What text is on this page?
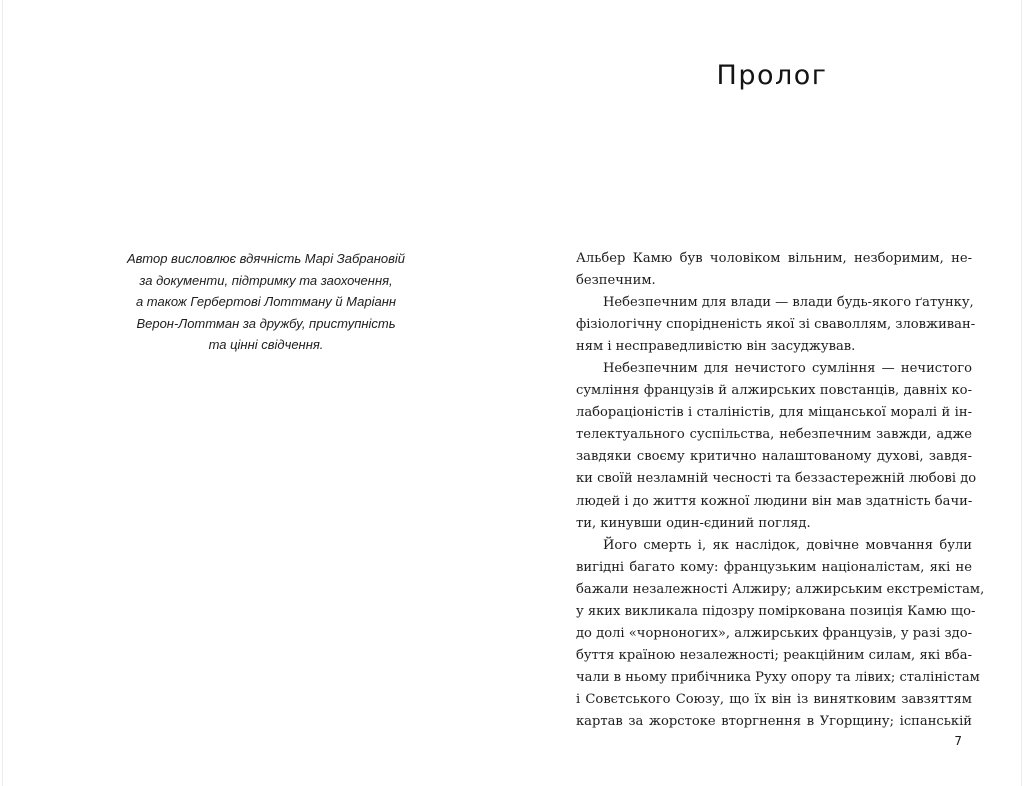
Автор висловлює вдячність Марі Забрановій
за документи, підтримку та заохочення,
а також Гербертові Лоттману й Маріанн
Верон-Лоттман за дружбу, приступність
та цінні свідчення.
Пролог
Альбер Камю був чоловіком вільним, незборимим, не-
безпечним.
Небезпечним для влади — влади будь-якого ґатунку,
фізіологічну спорідненість якої зі сваволлям, зловживан-
ням і несправедливістю він засуджував.
Небезпечним для нечистого сумління — нечистого
сумління французів й алжирських повстанців, давніх ко-
лабораціоністів і сталіністів, для міщанської моралі й ін-
телектуального суспільства, небезпечним завжди, адже
завдяки своєму критично налаштованому духові, завдя-
ки своїй незламній чесності та беззастережній любові до
людей і до життя кожної людини він мав здатність бачи-
ти, кинувши один-єдиний погляд.
Його смерть і, як наслідок, довічне мовчання були
вигідні багато кому: французьким націоналістам, які не
бажали незалежності Алжиру; алжирським екстремістам,
у яких викликала підозру поміркована позиція Камю що-
до долі «чорноногих», алжирських французів, у разі здо-
буття країною незалежності; реакційним силам, які вба-
чали в ньому прибічника Руху опору та лівих; сталіністам
і Совєтського Союзу, що їх він із винятковим завзяттям
картав за жорстоке вторгнення в Угорщину; іспанській
7
